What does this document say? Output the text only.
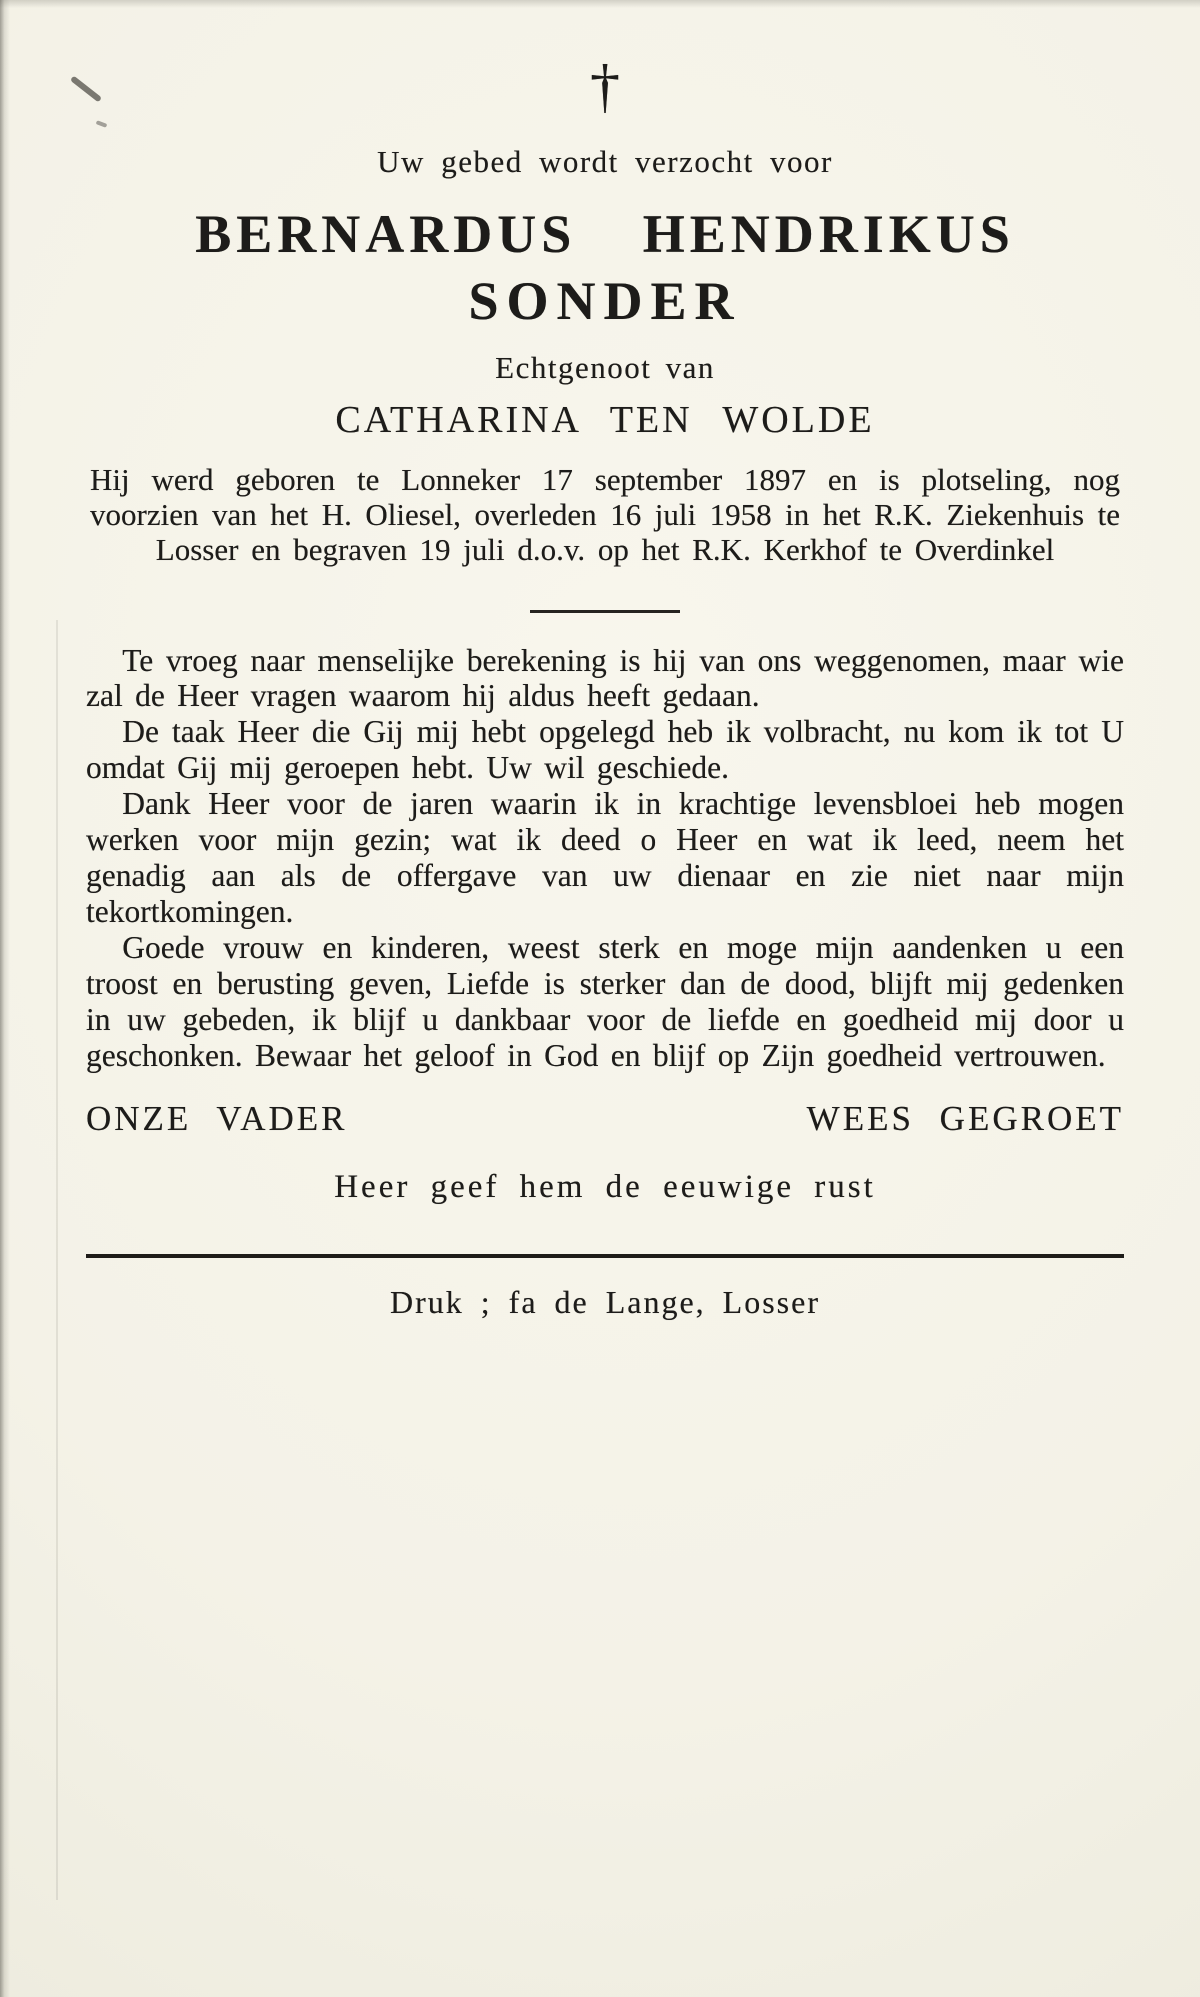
†

Uw gebed wordt verzocht voor

BERNARDUS HENDRIKUS
SONDER

Echtgenoot van

CATHARINA TEN WOLDE

Hij werd geboren te Lonneker 17 september 1897 en is plotseling, nog voorzien van het H. Oliesel, overleden 16 juli 1958 in het R.K. Ziekenhuis te Losser en begraven 19 juli d.o.v. op het R.K. Kerkhof te Overdinkel

Te vroeg naar menselijke berekening is hij van ons weggenomen, maar wie zal de Heer vragen waarom hij aldus heeft gedaan.

De taak Heer die Gij mij hebt opgelegd heb ik volbracht, nu kom ik tot U omdat Gij mij geroepen hebt. Uw wil geschiede.

Dank Heer voor de jaren waarin ik in krachtige levensbloei heb mogen werken voor mijn gezin; wat ik deed o Heer en wat ik leed, neem het genadig aan als de offergave van uw dienaar en zie niet naar mijn tekortkomingen.

Goede vrouw en kinderen, weest sterk en moge mijn aandenken u een troost en berusting geven, Liefde is sterker dan de dood, blijft mij gedenken in uw gebeden, ik blijf u dankbaar voor de liefde en goedheid mij door u geschonken. Bewaar het geloof in God en blijf op Zijn goedheid vertrouwen.

ONZE VADER	WEES GEGROET

Heer geef hem de eeuwige rust

Druk ; fa de Lange, Losser
